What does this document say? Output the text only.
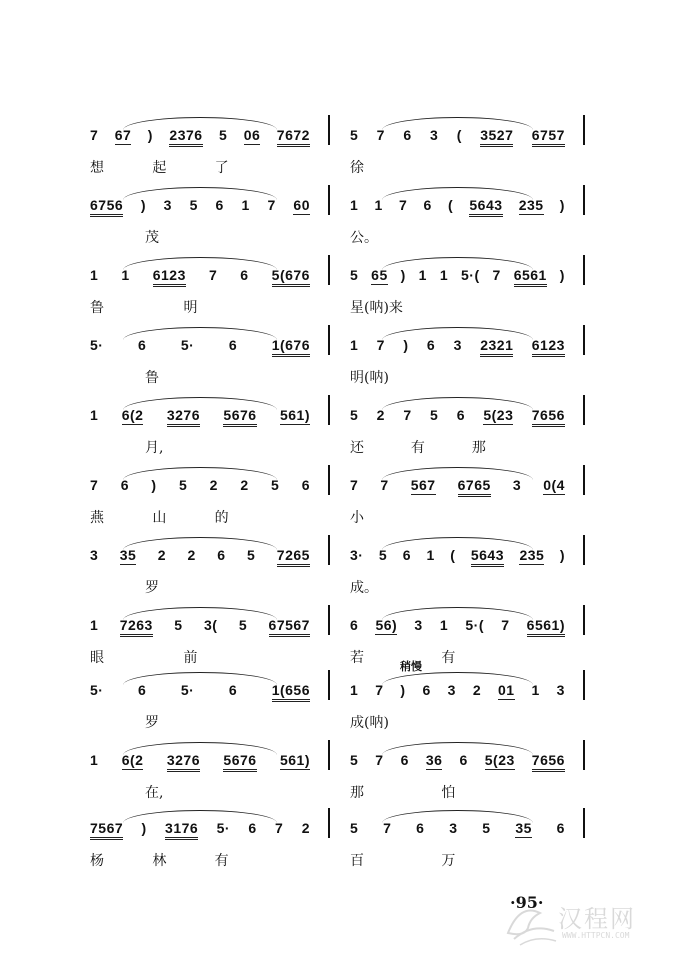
7 67 ) 2376 5 06 7672
想	起	了
5 7 6 3 ( 3527 6757
徐
6756 ) 3 5 6 1 7 60
茂
1 1 7 6 ( 5643 235 )
公。
1 1 6123 7 6 5(676
鲁	明
5 65 ) 1 1 5·( 7 6561 )
星(呐)来
5· 6 5· 6 1(676
鲁
1 7 ) 6 3 2321 6123
明(呐)
1 6(2 3276 5676 561)
月,
5 2 7 5 6 5(23 7656
还	有	那
7 6 ) 5 2 2 5 6
燕	山	的
7 7 567 6765 3 0(4
小
3 35 2 2 6 5 7265
罗
3· 5 6 1 ( 5643 235 )
成。
1 7263 5 3( 5 67567
眼	前
6 56) 3 1 5·( 7 6561)
若	有
5· 6 5· 6 1(656
罗
1 7 ) 6 3 2 01 1 3
成(呐)
稍慢
1 6(2 3276 5676 561)
在,
5 7 6 36 6 5(23 7656
那	怕
7567 ) 3176 5· 6 7 2
杨	林	有
5 7 6 3 5 35 6
百	万
·95·
汉程网
WWW.HTTPCN.COM
